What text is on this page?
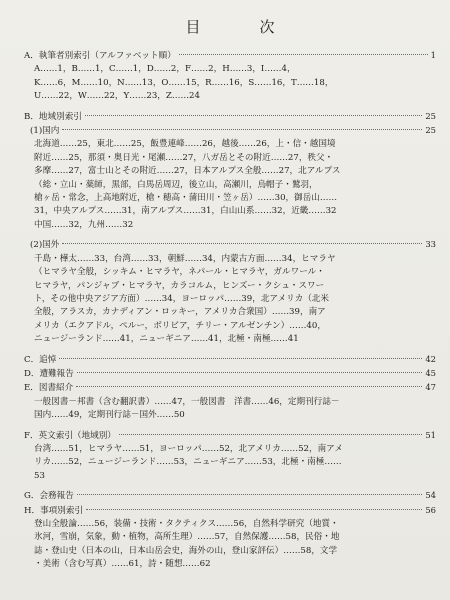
目　次
A．執筆者別索引（アルファベット順）	1
A……1，B……1，C……1，D……2，F……2，H……3，I……4，
K……6，M……10，N……13，O……15，R……16，S……16，T……18，
U……22，W……22，Y……23，Z……24
B．地域別索引	25
(1)国内	25
北海道……25，東北……25，飯豊連峰……26，越後……26，上・信・越国境
附近……25，那須・奥日光・尾瀬……27，八ガ岳とその附近……27，秩父・
多摩……27，富士山とその附近……27，日本アルプス全般……27，北アルプス
（総・立山・薬師，黒部，白馬岳周辺，後立山，高瀬川，烏帽子・鷲羽，
槍ヶ岳・常念，上高地附近，槍・穂高・蒲田川・笠ヶ岳）……30，御岳山……
31，中央アルプス……31，南アルプス……31，白山山系……32，近畿……32
中国……32，九州……32
(2)国外	33
千島・樺太……33，台湾……33，朝鮮……34，内蒙古方面……34，ヒマラヤ
（ヒマラヤ全般，シッキム・ヒマラヤ，ネパール・ヒマラヤ，ガルワール・
ヒマラヤ，パンジャブ・ヒマラヤ，カラコルム，ヒンズー・クシュ・スワー
ト，その他中央アジア方面）……34，ヨーロッパ……39，北アメリカ（北米
全般，アラスカ，カナディアン・ロッキー，アメリカ合衆国）……39，南ア
メリカ（エクアドル，ペルー，ボリビア，チリー・アルゼンチン）……40，
ニュージーランド……41，ニューギニア……41，北極・南極……41
C．追悼	42
D．遭難報告	45
E．図書紹介	47
一般図書－邦書（含む翻訳書）……47，一般図書　洋書……46，定期刊行誌－
国内……49，定期刊行誌－国外……50
F．英文索引（地域別）	51
台湾……51，ヒマラヤ……51，ヨーロッパ……52，北アメリカ……52，南アメ
リカ……52，ニュージーランド……53，ニューギニア……53，北極・南極……
53
G．会務報告	54
H．事項別索引	56
登山全般論……56，装備・技術・タクティクス……56，自然科学研究（地質・
氷河，雪崩，気象，動・植物，高所生理）……57，自然保護……58，民俗・地
誌・登山史（日本の山，日本山岳会史，海外の山，登山家評伝）……58，文学
・美術（含む写真）……61，詩・随想……62
